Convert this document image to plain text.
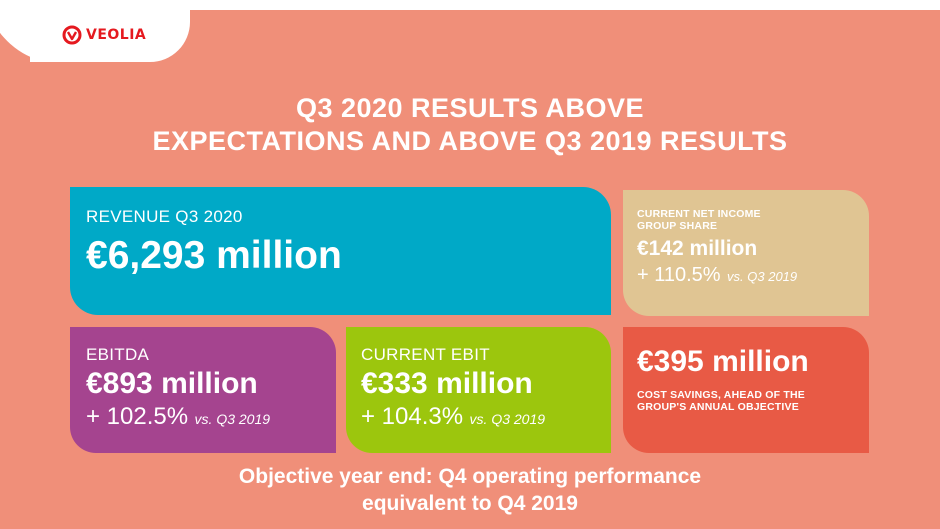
VEOLIA
Q3 2020 RESULTS ABOVE
EXPECTATIONS AND ABOVE Q3 2019 RESULTS
REVENUE Q3 2020
€6,293 million
CURRENT NET INCOME
GROUP SHARE
€142 million
+ 110.5% vs. Q3 2019
EBITDA
€893 million
+ 102.5% vs. Q3 2019
CURRENT EBIT
€333 million
+ 104.3% vs. Q3 2019
€395 million
COST SAVINGS, AHEAD OF THE
GROUP'S ANNUAL OBJECTIVE
Objective year end: Q4 operating performance
equivalent to Q4 2019
